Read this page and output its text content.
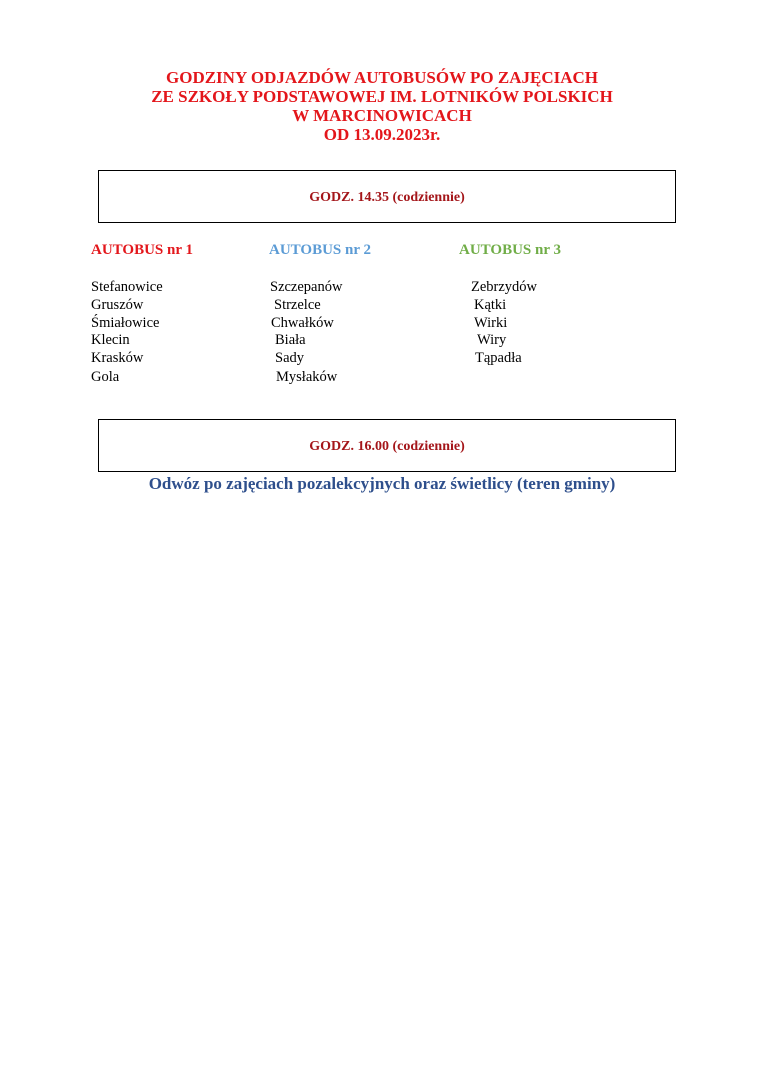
GODZINY ODJAZDÓW AUTOBUSÓW PO ZAJĘCIACH
ZE SZKOŁY PODSTAWOWEJ IM. LOTNIKÓW POLSKICH
W MARCINOWICACH
OD 13.09.2023r.
GODZ. 14.35 (codziennie)
AUTOBUS nr 1	AUTOBUS nr 2	AUTOBUS nr 3
Stefanowice
Gruszów
Śmiałowice
Klecin
Krasków
Gola
Szczepanów
Strzelce
Chwałków
Biała
Sady
Mysłaków
Zebrzydów
Kątki
Wirki
Wiry
Tąpadła
GODZ. 16.00 (codziennie)
Odwóz po zajęciach pozalekcyjnych oraz świetlicy (teren gminy)
